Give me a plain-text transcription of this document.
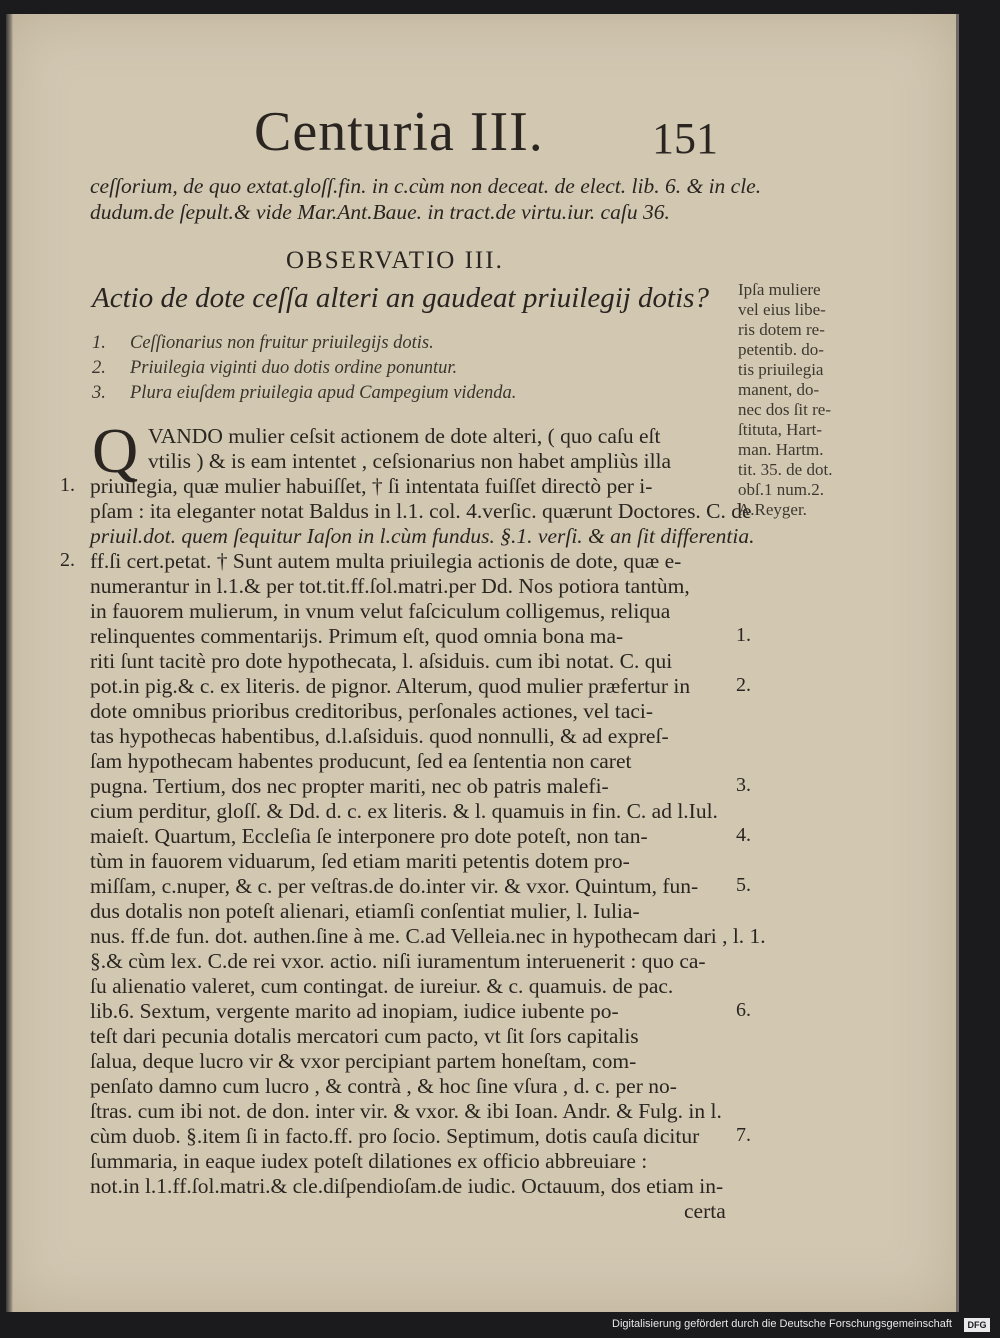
Centuria III. 151
ceſſorium, de quo extat.gloſſ.fin. in c.cùm non deceat. de elect. lib. 6. & in cle.
dudum.de ſepult.& vide Mar.Ant.Baue. in tract.de virtu.iur. caſu 36.
OBSERVATIO III.
Actio de dote ceſſa alteri an gaudeat priuilegij dotis?
1. Ceſſionarius non fruitur priuilegijs dotis.
2. Priuilegia viginti duo dotis ordine ponuntur.
3. Plura eiuſdem priuilegia apud Campegium videnda.
Q VANDO mulier ceſsit actionem de dote alteri, ( quo caſu eſt
vtilis ) & is eam intentet , ceſsionarius non habet ampliùs illa
priuilegia, quæ mulier habuiſſet, † ſi intentata fuiſſet directò per i-
pſam : ita eleganter notat Baldus in l.1. col. 4.verſic. quærunt Doctores. C. de
priuil.dot. quem ſequitur Iaſon in l.cùm fundus. §.1. verſi. & an ſit differentia.
ff.ſi cert.petat. † Sunt autem multa priuilegia actionis de dote, quæ e-
numerantur in l.1.& per tot.tit.ff.ſol.matri.per Dd. Nos potiora tantùm,
in fauorem mulierum, in vnum velut faſciculum colligemus, reliqua
relinquentes commentarijs. Primum eſt, quod omnia bona ma-
riti ſunt tacitè pro dote hypothecata, l. aſsiduis. cum ibi notat. C. qui
pot.in pig.& c. ex literis. de pignor. Alterum, quod mulier præfertur in
dote omnibus prioribus creditoribus, perſonales actiones, vel taci-
tas hypothecas habentibus, d.l.aſsiduis. quod nonnulli, & ad expreſ-
ſam hypothecam habentes producunt, ſed ea ſententia non caret
pugna. Tertium, dos nec propter mariti, nec ob patris malefi-
cium perditur, gloſſ. & Dd. d. c. ex literis. & l. quamuis in fin. C. ad l.Iul.
maieſt. Quartum, Eccleſia ſe interponere pro dote poteſt, non tan-
tùm in fauorem viduarum, ſed etiam mariti petentis dotem pro-
miſſam, c.nuper, & c. per veſtras.de do.inter vir. & vxor. Quintum, fun-
dus dotalis non poteſt alienari, etiamſi conſentiat mulier, l. Iulia-
nus. ff.de fun. dot. authen.ſine à me. C.ad Velleia.nec in hypothecam dari , l. 1.
§.& cùm lex. C.de rei vxor. actio. niſi iuramentum interuenerit : quo ca-
ſu alienatio valeret, cum contingat. de iureiur. & c. quamuis. de pac.
lib.6. Sextum, vergente marito ad inopiam, iudice iubente po-
teſt dari pecunia dotalis mercatori cum pacto, vt ſit ſors capitalis
ſalua, deque lucro vir & vxor percipiant partem honeſtam, com-
penſato damno cum lucro , & contrà , & hoc ſine vſura , d. c. per no-
ſtras. cum ibi not. de don. inter vir. & vxor. & ibi Ioan. Andr. & Fulg. in l.
cùm duob. §.item ſi in facto.ff. pro ſocio. Septimum, dotis cauſa dicitur
ſummaria, in eaque iudex poteſt dilationes ex officio abbreuiare :
not.in l.1.ff.ſol.matri.& cle.diſpendioſam.de iudic. Octauum, dos etiam in-
certa
Ipſa muliere
vel eius libe-
ris dotem re-
petentib. do-
tis priuilegia
manent, do-
nec dos ſit re-
ſtituta, Hart-
man. Hartm.
tit. 35. de dot.
obſ.1 num.2.
A.Reyger.
1.
2.
1.
2.
3.
4.
5.
6.
7.
Digitalisierung gefördert durch die Deutsche Forschungsgemeinschaft	DFG
